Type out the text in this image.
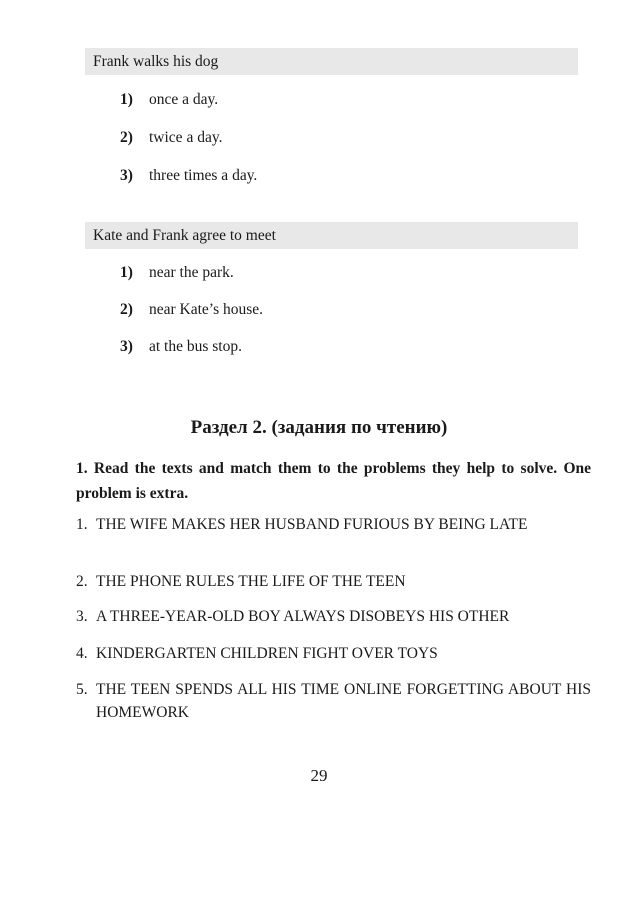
Frank walks his dog
1) once a day.
2) twice a day.
3) three times a day.
Kate and Frank agree to meet
1) near the park.
2) near Kate’s house.
3) at the bus stop.
Раздел 2. (задания по чтению)
1. Read the texts and match them to the problems they help to solve. One problem is extra.
1. THE WIFE MAKES HER HUSBAND FURIOUS BY BEING LATE
2. THE PHONE RULES THE LIFE OF THE TEEN
3. A THREE-YEAR-OLD BOY ALWAYS DISOBEYS HIS OTHER
4. KINDERGARTEN CHILDREN FIGHT OVER TOYS
5. THE TEEN SPENDS ALL HIS TIME ONLINE FORGETTING ABOUT HIS HOMEWORK
29
